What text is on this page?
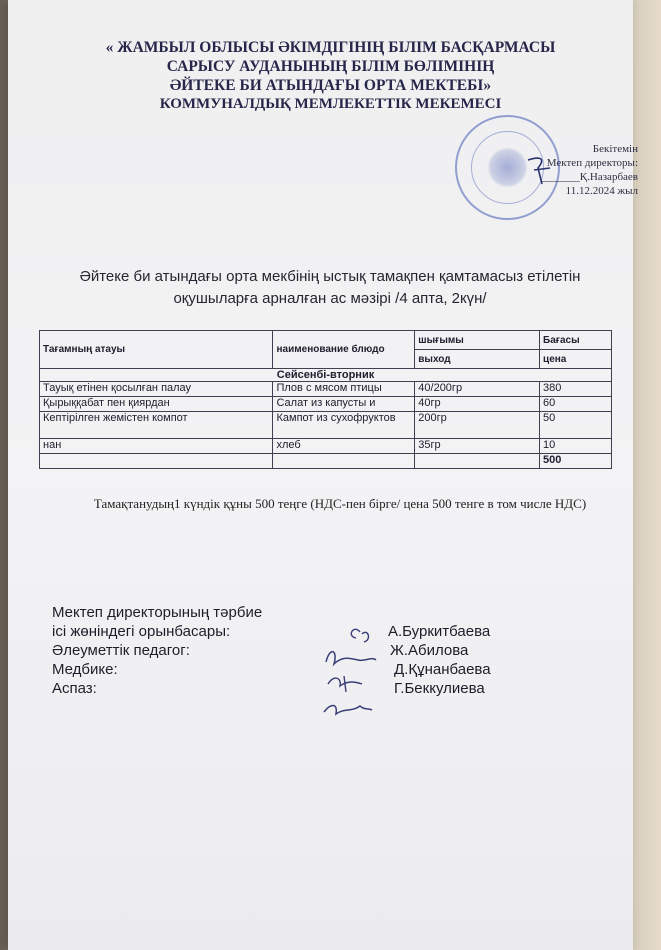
« ЖАМБЫЛ ОБЛЫСЫ ӘКІМДІГІНІҢ БІЛІМ БАСҚАРМАСЫ
САРЫСУ АУДАНЫНЫҢ БІЛІМ БӨЛІМІНІҢ
ӘЙТЕКЕ БИ АТЫНДАҒЫ ОРТА МЕКТЕБІ»
КОММУНАЛДЫҚ МЕМЛЕКЕТТІК МЕКЕМЕСІ
Бекітемін
Мектеп директоры:
_______Қ.Назарбаев
11.12.2024 жыл
Әйтеке би атындағы орта мекбінің ыстық тамақпен қамтамасыз етілетін
оқушыларға арналған ас мәзірі /4 апта, 2күн/
Тағамның атауы	наименование блюдо	шығымы	Бағасы
		выход	цена
Сейсенбі-вторник			
Тауық етінен қосылған палау	Плов с мясом птицы	40/200гр	380
Қырыққабат пен қиярдан	Салат из капусты и	40гр	60
Кептірілген жемістен компот	Кампот из сухофруктов	200гр	50
нан	хлеб	35гр	10
			500
Тамақтанудың1 күндік құны 500 теңге (НДС-пен бірге/ цена 500 тенге в том числе НДС)
Мектеп директорының тәрбие
ісі жөніндегі орынбасары:	А.Буркитбаева
Әлеуметтік педагог:	Ж.Абилова
Медбике:	Д.Құнанбаева
Аспаз:	Г.Беккулиева
